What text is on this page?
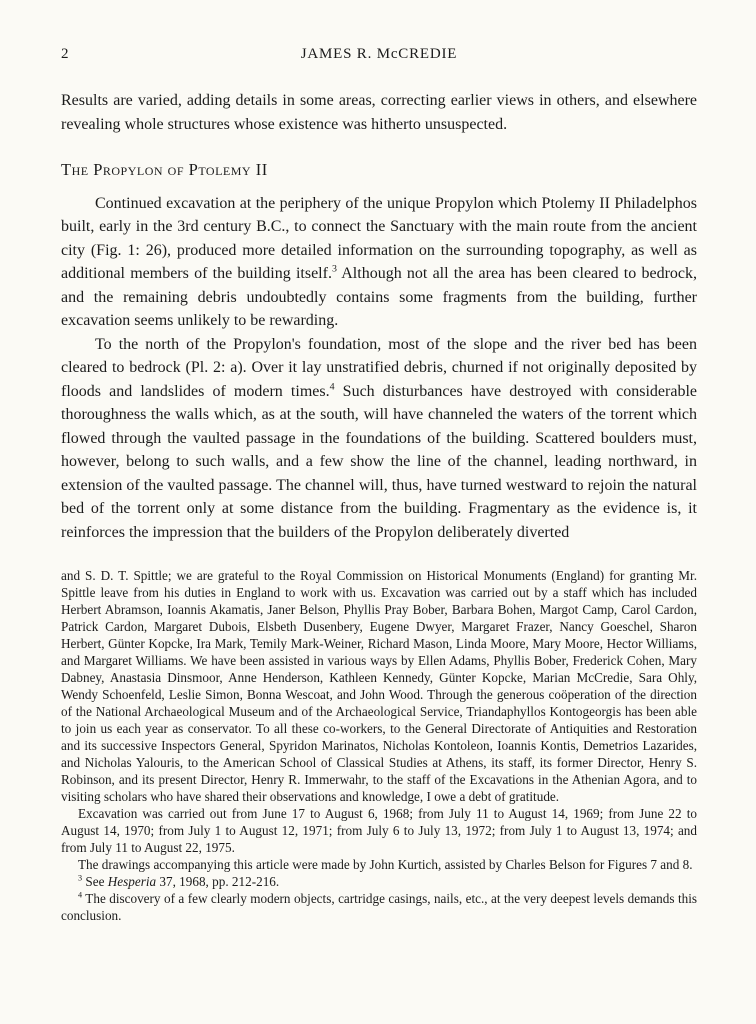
2	JAMES R. McCREDIE

Results are varied, adding details in some areas, correcting earlier views in others, and elsewhere revealing whole structures whose existence was hitherto unsuspected.

The Propylon of Ptolemy II

Continued excavation at the periphery of the unique Propylon which Ptolemy II Philadelphos built, early in the 3rd century B.C., to connect the Sanctuary with the main route from the ancient city (Fig. 1: 26), produced more detailed information on the surrounding topography, as well as additional members of the building itself.$^3$ Although not all the area has been cleared to bedrock, and the remaining debris undoubtedly contains some fragments from the building, further excavation seems unlikely to be rewarding.

To the north of the Propylon's foundation, most of the slope and the river bed has been cleared to bedrock (Pl. 2: a). Over it lay unstratified debris, churned if not originally deposited by floods and landslides of modern times.$^4$ Such disturbances have destroyed with considerable thoroughness the walls which, as at the south, will have channeled the waters of the torrent which flowed through the vaulted passage in the foundations of the building. Scattered boulders must, however, belong to such walls, and a few show the line of the channel, leading northward, in extension of the vaulted passage. The channel will, thus, have turned westward to rejoin the natural bed of the torrent only at some distance from the building. Fragmentary as the evidence is, it reinforces the impression that the builders of the Propylon deliberately diverted

and S. D. T. Spittle; we are grateful to the Royal Commission on Historical Monuments (England) for granting Mr. Spittle leave from his duties in England to work with us. Excavation was carried out by a staff which has included Herbert Abramson, Ioannis Akamatis, Janer Belson, Phyllis Pray Bober, Barbara Bohen, Margot Camp, Carol Cardon, Patrick Cardon, Margaret Dubois, Elsbeth Dusenbery, Eugene Dwyer, Margaret Frazer, Nancy Goeschel, Sharon Herbert, Günter Kopcke, Ira Mark, Temily Mark-Weiner, Richard Mason, Linda Moore, Mary Moore, Hector Williams, and Margaret Williams. We have been assisted in various ways by Ellen Adams, Phyllis Bober, Frederick Cohen, Mary Dabney, Anastasia Dinsmoor, Anne Henderson, Kathleen Kennedy, Günter Kopcke, Marian McCredie, Sara Ohly, Wendy Schoenfeld, Leslie Simon, Bonna Wescoat, and John Wood. Through the generous coöperation of the direction of the National Archaeological Museum and of the Archaeological Service, Triandaphyllos Kontogeorgis has been able to join us each year as conservator. To all these co-workers, to the General Directorate of Antiquities and Restoration and its successive Inspectors General, Spyridon Marinatos, Nicholas Kontoleon, Ioannis Kontis, Demetrios Lazarides, and Nicholas Yalouris, to the American School of Classical Studies at Athens, its staff, its former Director, Henry S. Robinson, and its present Director, Henry R. Immerwahr, to the staff of the Excavations in the Athenian Agora, and to visiting scholars who have shared their observations and knowledge, I owe a debt of gratitude.

Excavation was carried out from June 17 to August 6, 1968; from July 11 to August 14, 1969; from June 22 to August 14, 1970; from July 1 to August 12, 1971; from July 6 to July 13, 1972; from July 1 to August 13, 1974; and from July 11 to August 22, 1975.

The drawings accompanying this article were made by John Kurtich, assisted by Charles Belson for Figures 7 and 8.

$^3$ See Hesperia 37, 1968, pp. 212-216.

$^4$ The discovery of a few clearly modern objects, cartridge casings, nails, etc., at the very deepest levels demands this conclusion.
